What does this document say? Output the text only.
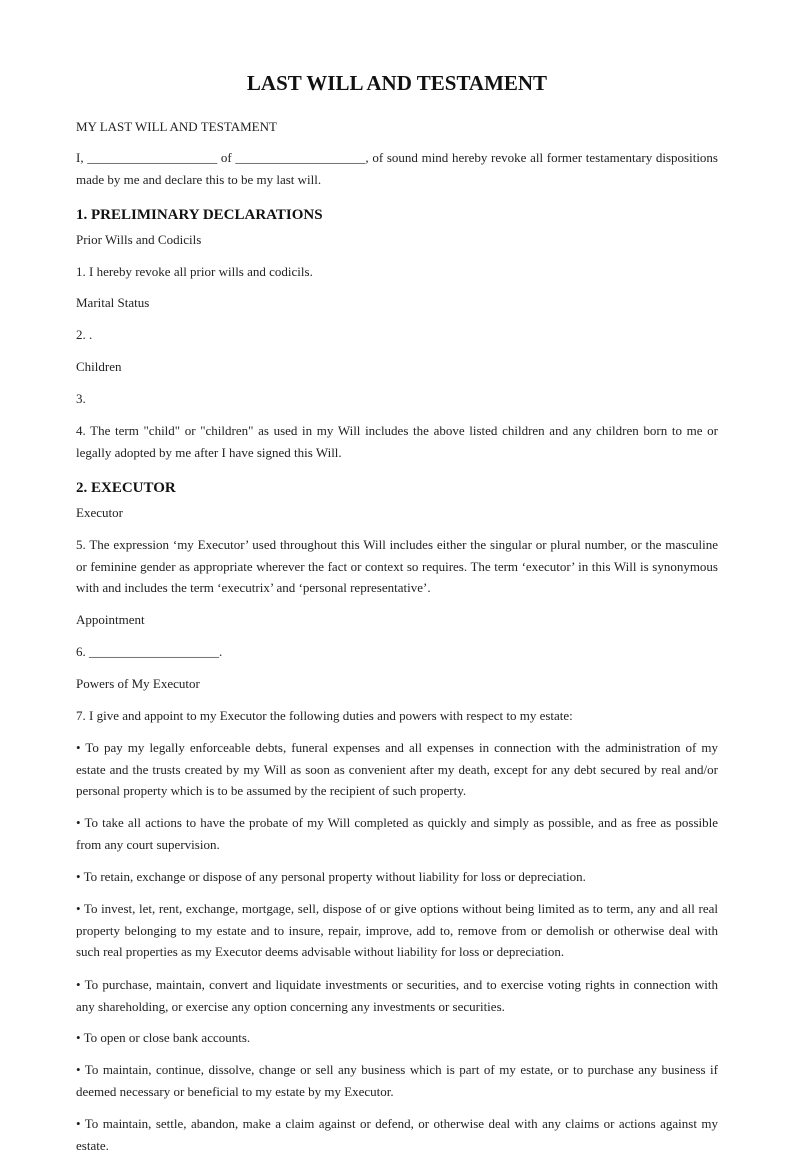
LAST WILL AND TESTAMENT

MY LAST WILL AND TESTAMENT

I, ____________________ of ____________________, of sound mind hereby revoke all former testamentary dispositions made by me and declare this to be my last will.

1. PRELIMINARY DECLARATIONS

Prior Wills and Codicils

1. I hereby revoke all prior wills and codicils.

Marital Status

2. .

Children

3.

4. The term "child" or "children" as used in my Will includes the above listed children and any children born to me or legally adopted by me after I have signed this Will.

2. EXECUTOR

Executor

5. The expression ‘my Executor’ used throughout this Will includes either the singular or plural number, or the masculine or feminine gender as appropriate wherever the fact or context so requires. The term ‘executor’ in this Will is synonymous with and includes the term ‘executrix’ and ‘personal representative’.

Appointment

6. ____________________.

Powers of My Executor

7. I give and appoint to my Executor the following duties and powers with respect to my estate:

• To pay my legally enforceable debts, funeral expenses and all expenses in connection with the administration of my estate and the trusts created by my Will as soon as convenient after my death, except for any debt secured by real and/or personal property which is to be assumed by the recipient of such property.

• To take all actions to have the probate of my Will completed as quickly and simply as possible, and as free as possible from any court supervision.

• To retain, exchange or dispose of any personal property without liability for loss or depreciation.

• To invest, let, rent, exchange, mortgage, sell, dispose of or give options without being limited as to term, any and all real property belonging to my estate and to insure, repair, improve, add to, remove from or demolish or otherwise deal with such real properties as my Executor deems advisable without liability for loss or depreciation.

• To purchase, maintain, convert and liquidate investments or securities, and to exercise voting rights in connection with any shareholding, or exercise any option concerning any investments or securities.

• To open or close bank accounts.

• To maintain, continue, dissolve, change or sell any business which is part of my estate, or to purchase any business if deemed necessary or beneficial to my estate by my Executor.

• To maintain, settle, abandon, make a claim against or defend, or otherwise deal with any claims or actions against my estate.
